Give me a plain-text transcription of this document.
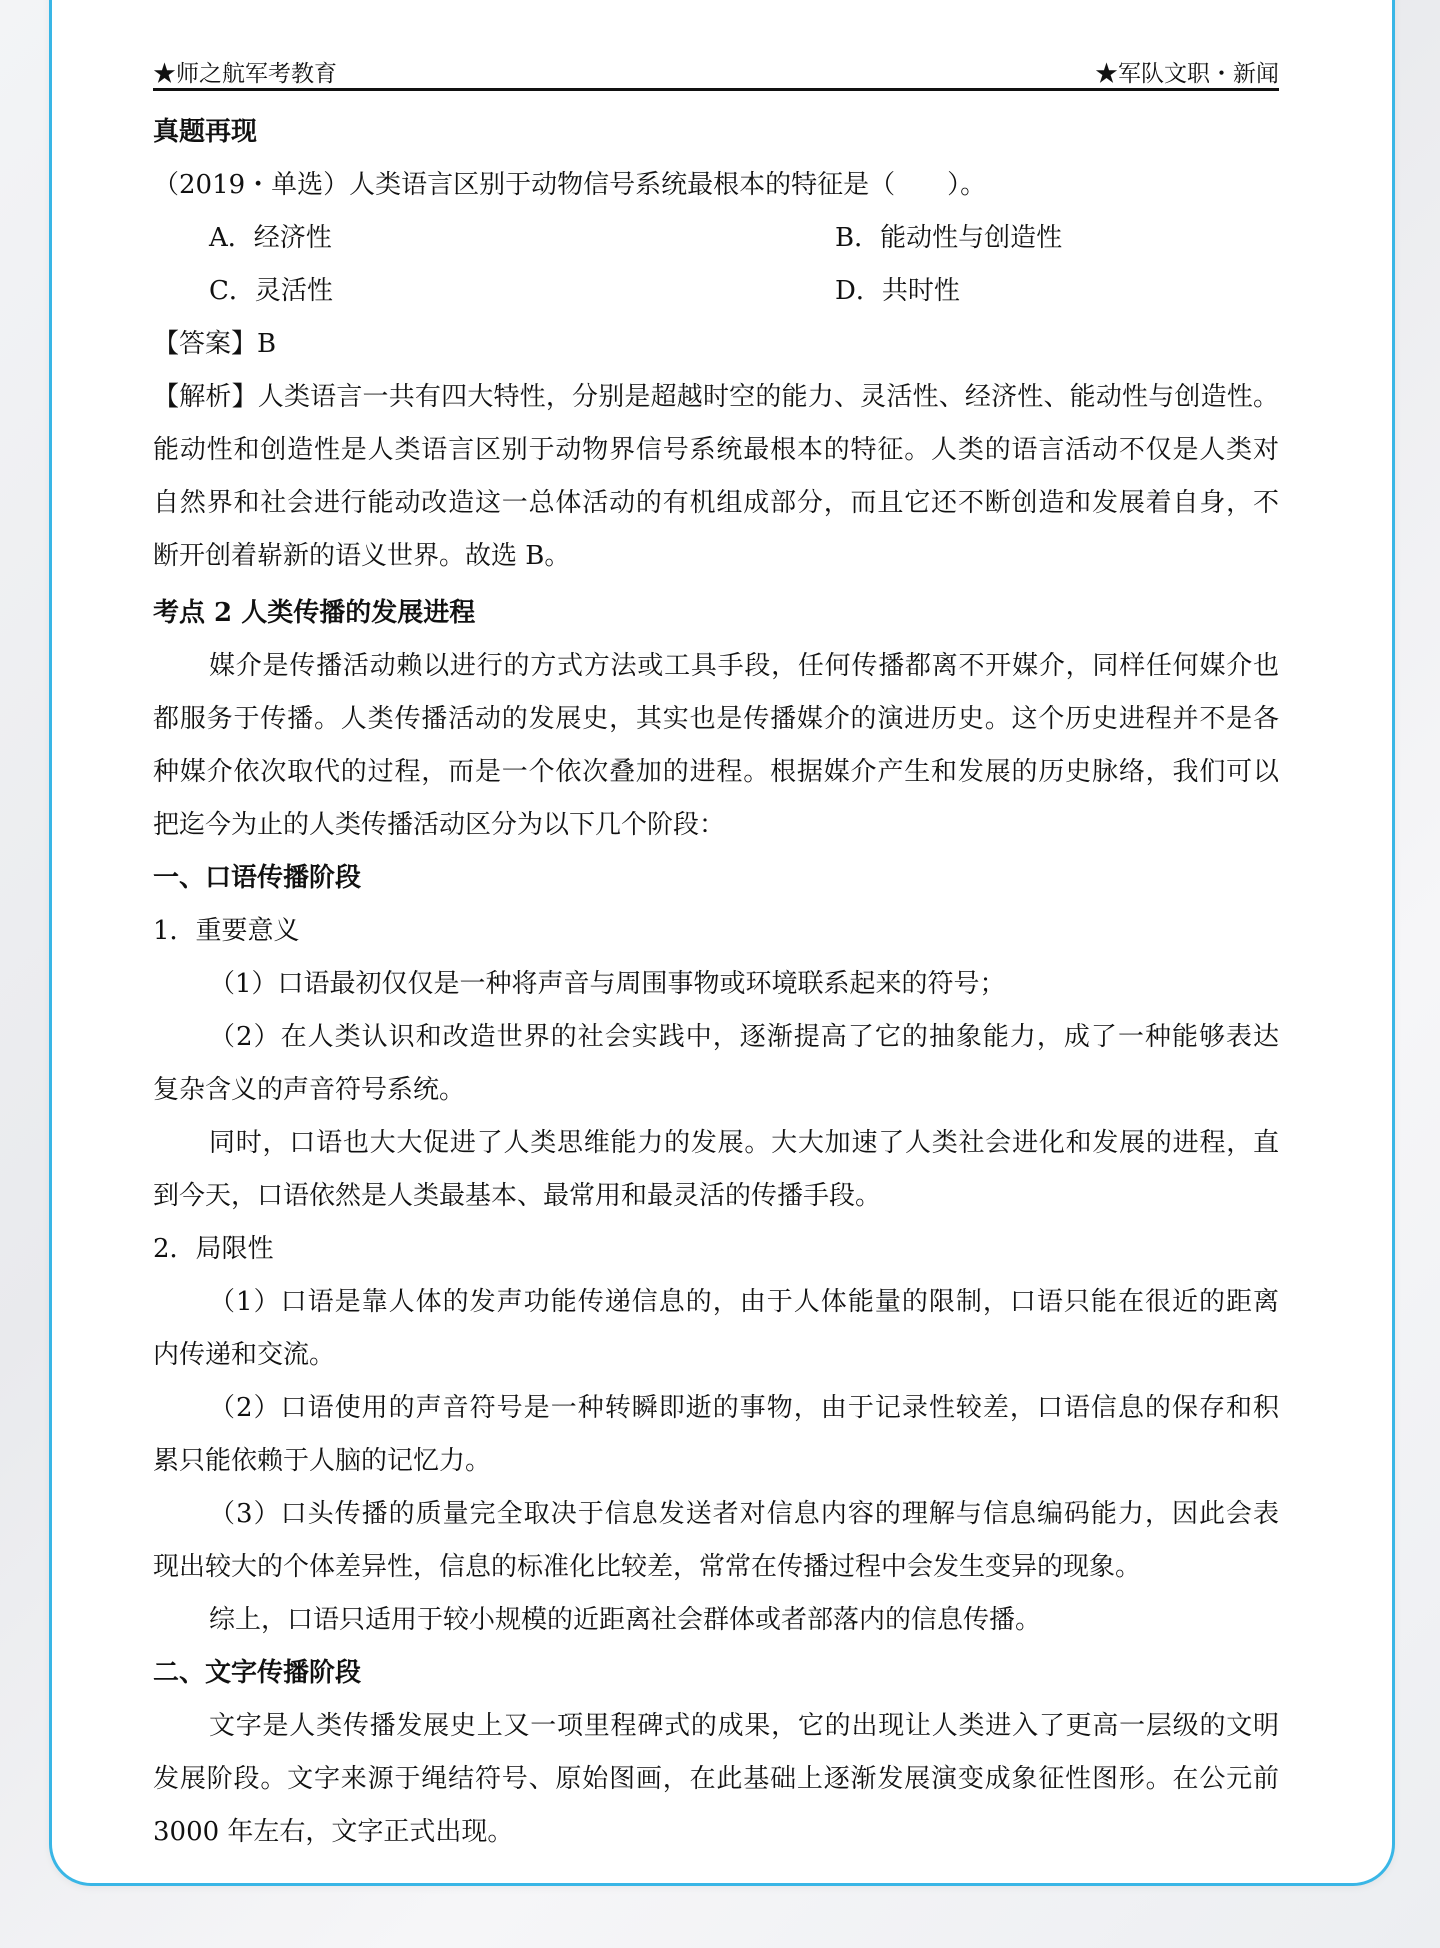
★师之航军考教育	★军队文职・新闻
真题再现
（2019・单选）人类语言区别于动物信号系统最根本的特征是（　　）。
A．经济性	B．能动性与创造性
C．灵活性	D．共时性
【答案】B
【解析】人类语言一共有四大特性，分别是超越时空的能力、灵活性、经济性、能动性与创造性。
能动性和创造性是人类语言区别于动物界信号系统最根本的特征。人类的语言活动不仅是人类对
自然界和社会进行能动改造这一总体活动的有机组成部分，而且它还不断创造和发展着自身，不
断开创着崭新的语义世界。故选 B。
考点 2 人类传播的发展进程
媒介是传播活动赖以进行的方式方法或工具手段，任何传播都离不开媒介，同样任何媒介也
都服务于传播。人类传播活动的发展史，其实也是传播媒介的演进历史。这个历史进程并不是各
种媒介依次取代的过程，而是一个依次叠加的进程。根据媒介产生和发展的历史脉络，我们可以
把迄今为止的人类传播活动区分为以下几个阶段：
一、口语传播阶段
1．重要意义
（1）口语最初仅仅是一种将声音与周围事物或环境联系起来的符号；
（2）在人类认识和改造世界的社会实践中，逐渐提高了它的抽象能力，成了一种能够表达
复杂含义的声音符号系统。
同时，口语也大大促进了人类思维能力的发展。大大加速了人类社会进化和发展的进程，直
到今天，口语依然是人类最基本、最常用和最灵活的传播手段。
2．局限性
（1）口语是靠人体的发声功能传递信息的，由于人体能量的限制，口语只能在很近的距离
内传递和交流。
（2）口语使用的声音符号是一种转瞬即逝的事物，由于记录性较差，口语信息的保存和积
累只能依赖于人脑的记忆力。
（3）口头传播的质量完全取决于信息发送者对信息内容的理解与信息编码能力，因此会表
现出较大的个体差异性，信息的标准化比较差，常常在传播过程中会发生变异的现象。
综上，口语只适用于较小规模的近距离社会群体或者部落内的信息传播。
二、文字传播阶段
文字是人类传播发展史上又一项里程碑式的成果，它的出现让人类进入了更高一层级的文明
发展阶段。文字来源于绳结符号、原始图画，在此基础上逐渐发展演变成象征性图形。在公元前
3000 年左右，文字正式出现。
